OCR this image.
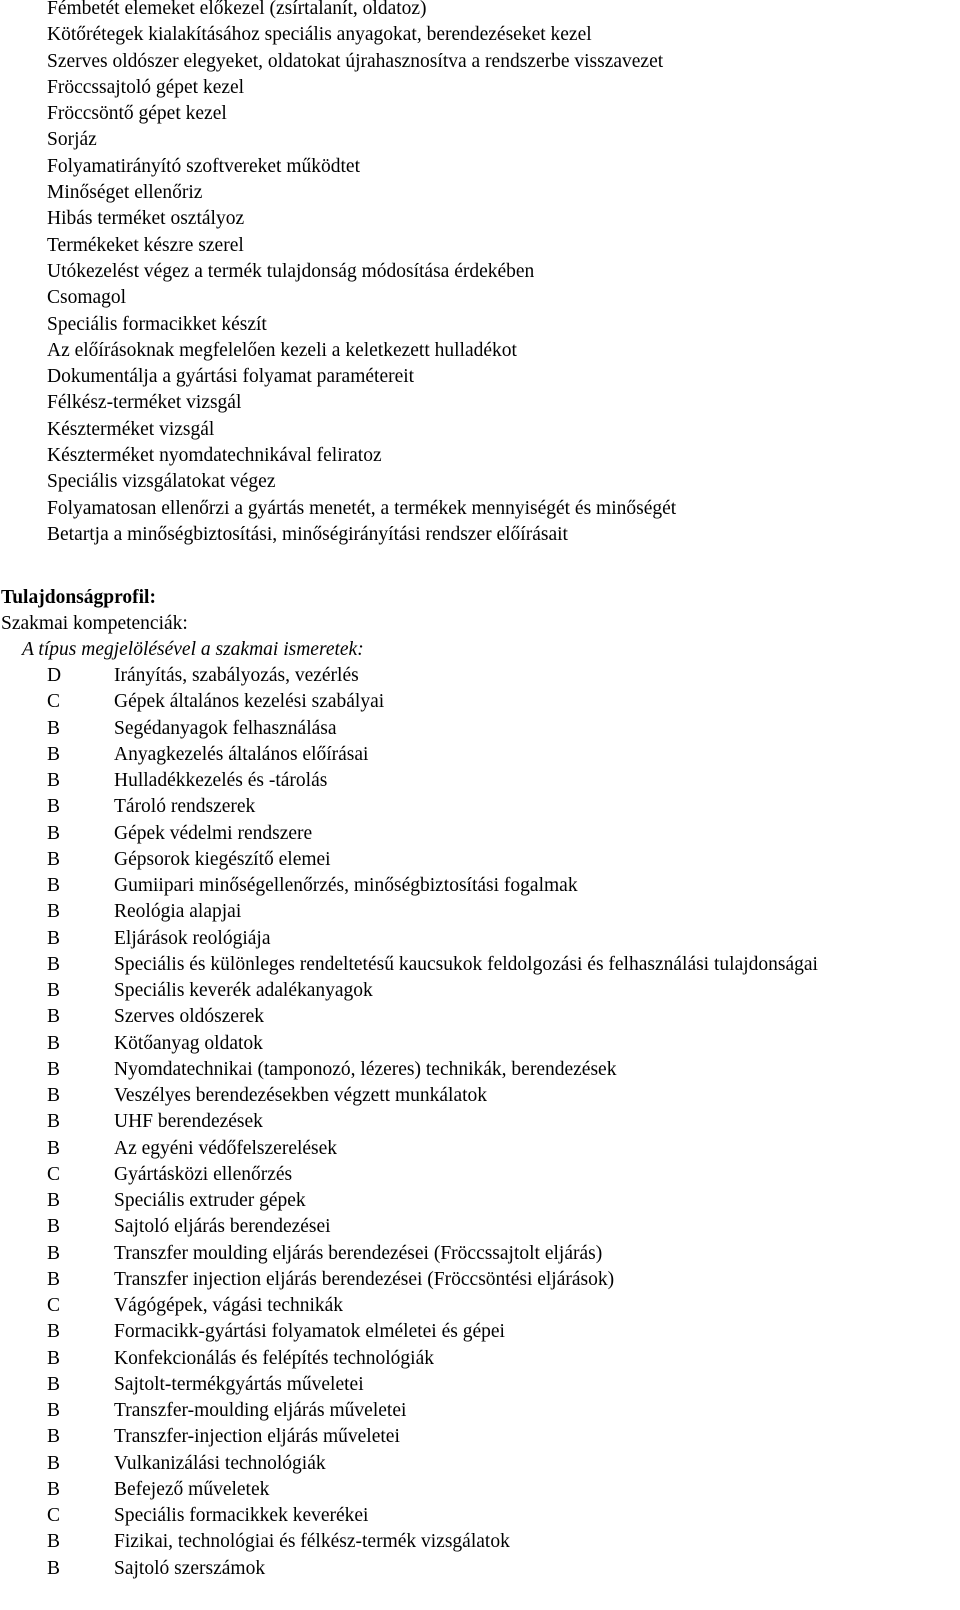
Fémbetét elemeket előkezel (zsírtalanít, oldatoz)
Kötőrétegek kialakításához speciális anyagokat, berendezéseket kezel
Szerves oldószer elegyeket, oldatokat újrahasznosítva a rendszerbe visszavezet
Fröccssajtoló gépet kezel
Fröccsöntő gépet kezel
Sorjáz
Folyamatirányító szoftvereket működtet
Minőséget ellenőriz
Hibás terméket osztályoz
Termékeket készre szerel
Utókezelést végez a termék tulajdonság módosítása érdekében
Csomagol
Speciális formacikket készít
Az előírásoknak megfelelően kezeli a keletkezett hulladékot
Dokumentálja a gyártási folyamat paramétereit
Félkész-terméket vizsgál
Készterméket vizsgál
Készterméket nyomdatechnikával feliratoz
Speciális vizsgálatokat végez
Folyamatosan ellenőrzi a gyártás menetét, a termékek mennyiségét és minőségét
Betartja a minőségbiztosítási, minőségirányítási rendszer előírásait

Tulajdonságprofil:

Szakmai kompetenciák:

A típus megjelölésével a szakmai ismeretek:

D	Irányítás, szabályozás, vezérlés
C	Gépek általános kezelési szabályai
B	Segédanyagok felhasználása
B	Anyagkezelés általános előírásai
B	Hulladékkezelés és -tárolás
B	Tároló rendszerek
B	Gépek védelmi rendszere
B	Gépsorok kiegészítő elemei
B	Gumiipari minőségellenőrzés, minőségbiztosítási fogalmak
B	Reológia alapjai
B	Eljárások reológiája
B	Speciális és különleges rendeltetésű kaucsukok feldolgozási és felhasználási tulajdonságai
B	Speciális keverék adalékanyagok
B	Szerves oldószerek
B	Kötőanyag oldatok
B	Nyomdatechnikai (tamponozó, lézeres) technikák, berendezések
B	Veszélyes berendezésekben végzett munkálatok
B	UHF berendezések
B	Az egyéni védőfelszerelések
C	Gyártásközi ellenőrzés
B	Speciális extruder gépek
B	Sajtoló eljárás berendezései
B	Transzfer moulding eljárás berendezései (Fröccssajtolt eljárás)
B	Transzfer injection eljárás berendezései (Fröccsöntési eljárások)
C	Vágógépek, vágási technikák
B	Formacikk-gyártási folyamatok elméletei és gépei
B	Konfekcionálás és felépítés technológiák
B	Sajtolt-termékgyártás műveletei
B	Transzfer-moulding eljárás műveletei
B	Transzfer-injection eljárás műveletei
B	Vulkanizálási technológiák
B	Befejező műveletek
C	Speciális formacikkek keverékei
B	Fizikai, technológiai és félkész-termék vizsgálatok
B	Sajtoló szerszámok
